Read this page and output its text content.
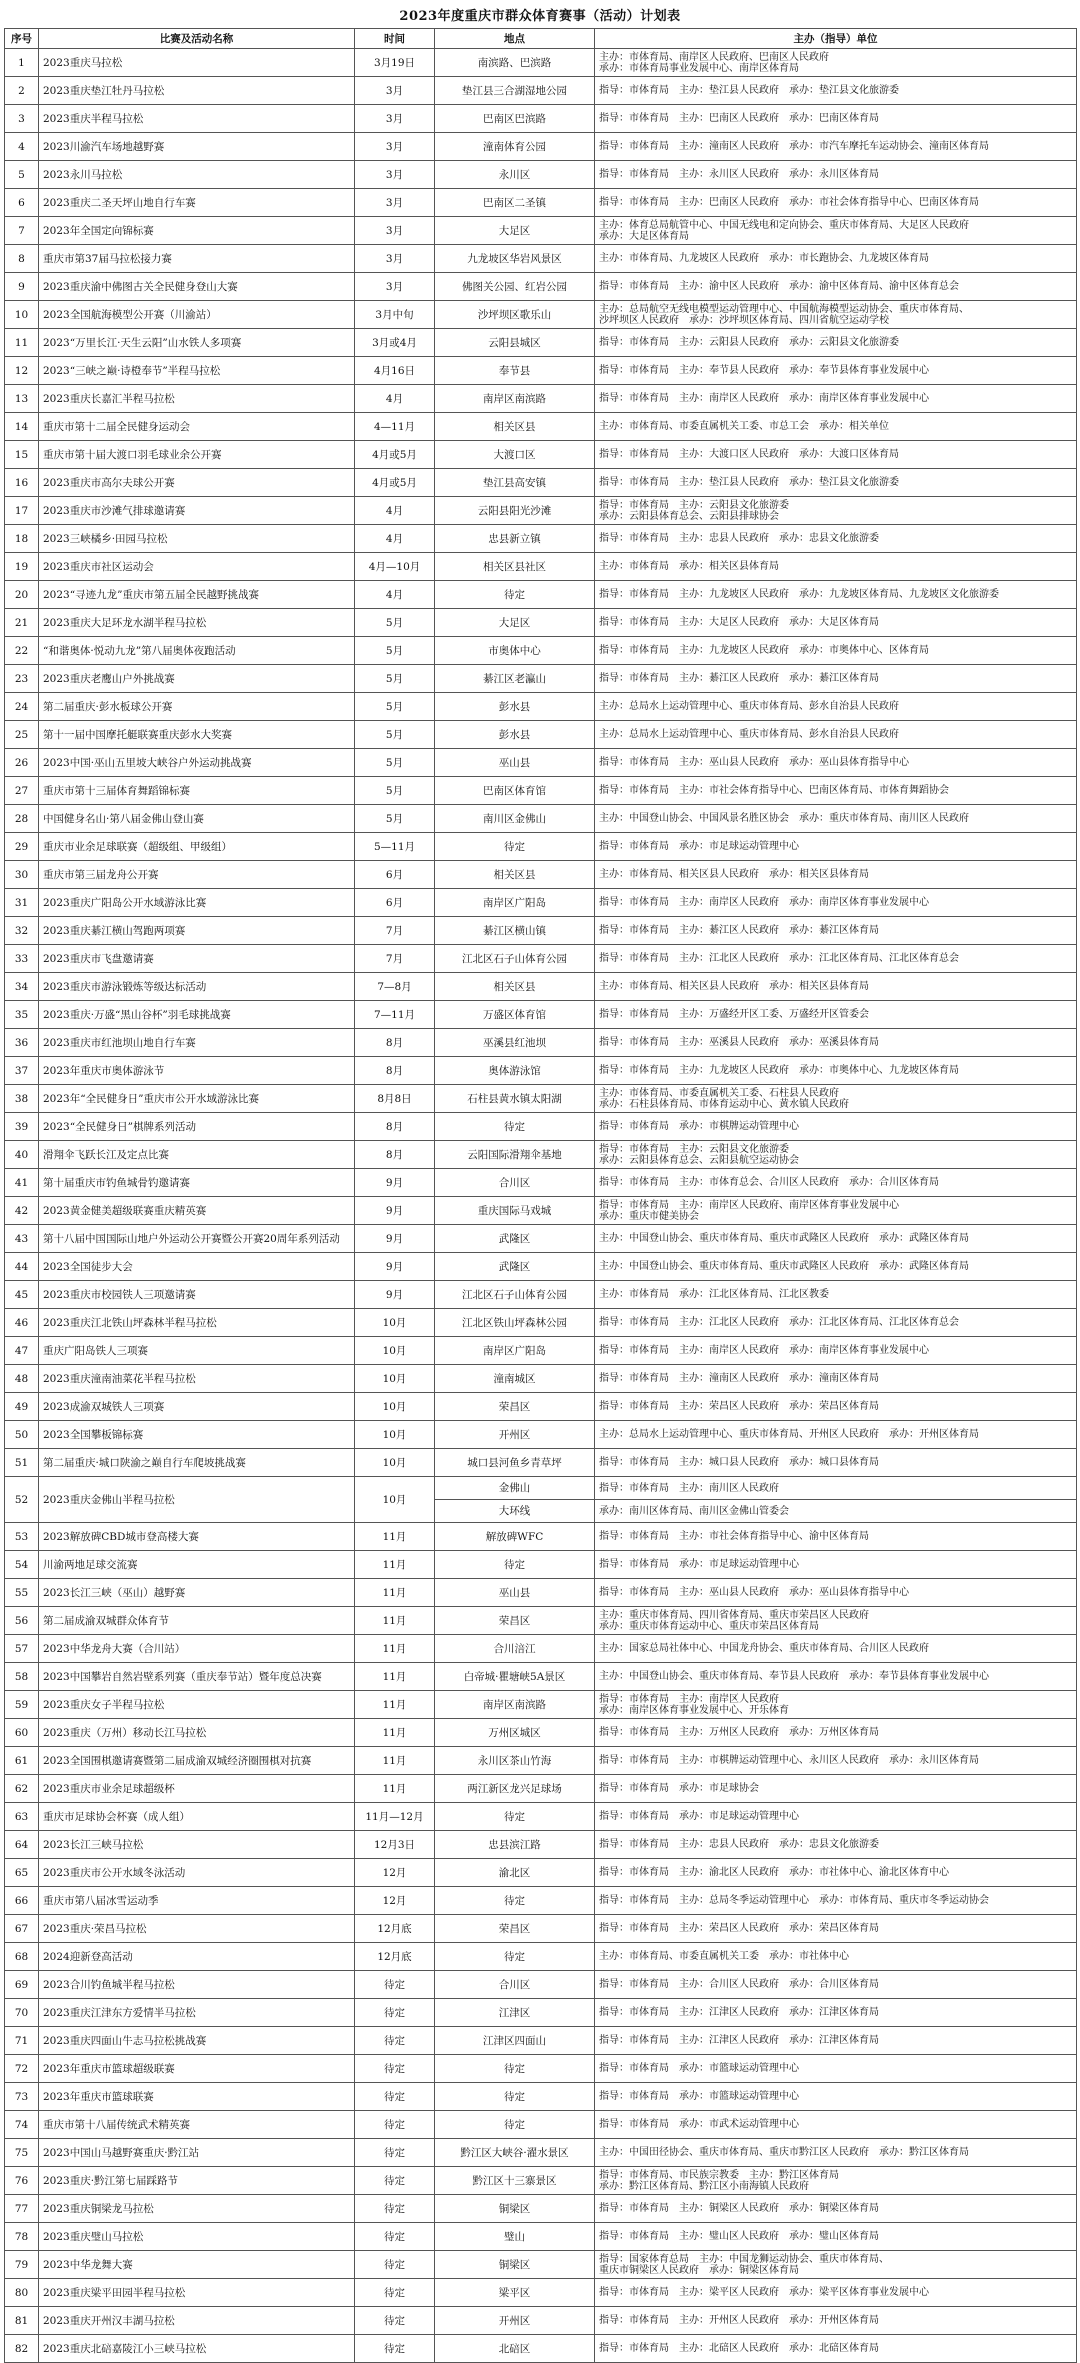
2023年度重庆市群众体育赛事（活动）计划表
序号	比赛及活动名称	时间	地点	主办（指导）单位
1	2023重庆马拉松	3月19日	南滨路、巴滨路	主办：市体育局、南岸区人民政府、巴南区人民政府
承办：市体育局事业发展中心、南岸区体育局
2	2023重庆垫江牡丹马拉松	3月	垫江县三合湖湿地公园	指导：市体育局　主办：垫江县人民政府　承办：垫江县文化旅游委
3	2023重庆半程马拉松	3月	巴南区巴滨路	指导：市体育局　主办：巴南区人民政府　承办：巴南区体育局
4	2023川渝汽车场地越野赛	3月	潼南体育公园	指导：市体育局　主办：潼南区人民政府　承办：市汽车摩托车运动协会、潼南区体育局
5	2023永川马拉松	3月	永川区	指导：市体育局　主办：永川区人民政府　承办：永川区体育局
6	2023重庆二圣天坪山地自行车赛	3月	巴南区二圣镇	指导：市体育局　主办：巴南区人民政府　承办：市社会体育指导中心、巴南区体育局
7	2023年全国定向锦标赛	3月	大足区	主办：体育总局航管中心、中国无线电和定向协会、重庆市体育局、大足区人民政府
承办：大足区体育局
8	重庆市第37届马拉松接力赛	3月	九龙坡区华岩风景区	主办：市体育局、九龙坡区人民政府　承办：市长跑协会、九龙坡区体育局
9	2023重庆渝中佛图古关全民健身登山大赛	3月	佛图关公园、红岩公园	指导：市体育局　主办：渝中区人民政府　承办：渝中区体育局、渝中区体育总会
10	2023全国航海模型公开赛（川渝站）	3月中旬	沙坪坝区歌乐山	主办：总局航空无线电模型运动管理中心、中国航海模型运动协会、重庆市体育局、
沙坪坝区人民政府　承办：沙坪坝区体育局、四川省航空运动学校
11	2023“万里长江·天生云阳”山水铁人多项赛	3月或4月	云阳县城区	指导：市体育局　主办：云阳县人民政府　承办：云阳县文化旅游委
12	2023“三峡之巅·诗橙奉节”半程马拉松	4月16日	奉节县	指导：市体育局　主办：奉节县人民政府　承办：奉节县体育事业发展中心
13	2023重庆长嘉汇半程马拉松	4月	南岸区南滨路	指导：市体育局　主办：南岸区人民政府　承办：南岸区体育事业发展中心
14	重庆市第十二届全民健身运动会	4—11月	相关区县	主办：市体育局、市委直属机关工委、市总工会　承办：相关单位
15	重庆市第十届大渡口羽毛球业余公开赛	4月或5月	大渡口区	指导：市体育局　主办：大渡口区人民政府　承办：大渡口区体育局
16	2023重庆市高尔夫球公开赛	4月或5月	垫江县高安镇	指导：市体育局　主办：垫江县人民政府　承办：垫江县文化旅游委
17	2023重庆市沙滩气排球邀请赛	4月	云阳县阳光沙滩	指导：市体育局　主办：云阳县文化旅游委
承办：云阳县体育总会、云阳县排球协会
18	2023三峡橘乡·田园马拉松	4月	忠县新立镇	指导：市体育局　主办：忠县人民政府　承办：忠县文化旅游委
19	2023重庆市社区运动会	4月—10月	相关区县社区	主办：市体育局　承办：相关区县体育局
20	2023“寻迹九龙”重庆市第五届全民越野挑战赛	4月	待定	指导：市体育局　主办：九龙坡区人民政府　承办：九龙坡区体育局、九龙坡区文化旅游委
21	2023重庆大足环龙水湖半程马拉松	5月	大足区	指导：市体育局　主办：大足区人民政府　承办：大足区体育局
22	“和谐奥体·悦动九龙”第八届奥体夜跑活动	5月	市奥体中心	指导：市体育局　主办：九龙坡区人民政府　承办：市奥体中心、区体育局
23	2023重庆老鹰山户外挑战赛	5月	綦江区老瀛山	指导：市体育局　主办：綦江区人民政府　承办：綦江区体育局
24	第二届重庆·彭水板球公开赛	5月	彭水县	主办：总局水上运动管理中心、重庆市体育局、彭水自治县人民政府
25	第十一届中国摩托艇联赛重庆彭水大奖赛	5月	彭水县	主办：总局水上运动管理中心、重庆市体育局、彭水自治县人民政府
26	2023中国·巫山五里坡大峡谷户外运动挑战赛	5月	巫山县	指导：市体育局　主办：巫山县人民政府　承办：巫山县体育指导中心
27	重庆市第十三届体育舞蹈锦标赛	5月	巴南区体育馆	指导：市体育局　主办：市社会体育指导中心、巴南区体育局、市体育舞蹈协会
28	中国健身名山·第八届金佛山登山赛	5月	南川区金佛山	主办：中国登山协会、中国风景名胜区协会　承办：重庆市体育局、南川区人民政府
29	重庆市业余足球联赛（超级组、甲级组）	5—11月	待定	指导：市体育局　承办：市足球运动管理中心
30	重庆市第三届龙舟公开赛	6月	相关区县	主办：市体育局、相关区县人民政府　承办：相关区县体育局
31	2023重庆广阳岛公开水域游泳比赛	6月	南岸区广阳岛	指导：市体育局　主办：南岸区人民政府　承办：南岸区体育事业发展中心
32	2023重庆綦江横山驾跑两项赛	7月	綦江区横山镇	指导：市体育局　主办：綦江区人民政府　承办：綦江区体育局
33	2023重庆市飞盘邀请赛	7月	江北区石子山体育公园	指导：市体育局　主办：江北区人民政府　承办：江北区体育局、江北区体育总会
34	2023重庆市游泳锻炼等级达标活动	7—8月	相关区县	主办：市体育局、相关区县人民政府　承办：相关区县体育局
35	2023重庆·万盛“黑山谷杯”羽毛球挑战赛	7—11月	万盛区体育馆	指导：市体育局　主办：万盛经开区工委、万盛经开区管委会
36	2023重庆市红池坝山地自行车赛	8月	巫溪县红池坝	指导：市体育局　主办：巫溪县人民政府　承办：巫溪县体育局
37	2023年重庆市奥体游泳节	8月	奥体游泳馆	指导：市体育局　主办：九龙坡区人民政府　承办：市奥体中心、九龙坡区体育局
38	2023年“全民健身日”重庆市公开水域游泳比赛	8月8日	石柱县黄水镇太阳湖	主办：市体育局、市委直属机关工委、石柱县人民政府
承办：石柱县体育局、市体育运动中心、黄水镇人民政府
39	2023“全民健身日”棋牌系列活动	8月	待定	指导：市体育局　承办：市棋牌运动管理中心
40	滑翔伞飞跃长江及定点比赛	8月	云阳国际滑翔伞基地	指导：市体育局　主办：云阳县文化旅游委
承办：云阳县体育总会、云阳县航空运动协会
41	第十届重庆市钓鱼城骨钓邀请赛	9月	合川区	指导：市体育局　主办：市体育总会、合川区人民政府　承办：合川区体育局
42	2023黄金健美超级联赛重庆精英赛	9月	重庆国际马戏城	指导：市体育局　主办：南岸区人民政府、南岸区体育事业发展中心
承办：重庆市健美协会
43	第十八届中国国际山地户外运动公开赛暨公开赛20周年系列活动	9月	武隆区	主办：中国登山协会、重庆市体育局、重庆市武隆区人民政府　承办：武隆区体育局
44	2023全国徒步大会	9月	武隆区	主办：中国登山协会、重庆市体育局、重庆市武隆区人民政府　承办：武隆区体育局
45	2023重庆市校园铁人三项邀请赛	9月	江北区石子山体育公园	主办：市体育局　承办：江北区体育局、江北区教委
46	2023重庆江北铁山坪森林半程马拉松	10月	江北区铁山坪森林公园	指导：市体育局　主办：江北区人民政府　承办：江北区体育局、江北区体育总会
47	重庆广阳岛铁人三项赛	10月	南岸区广阳岛	指导：市体育局　主办：南岸区人民政府　承办：南岸区体育事业发展中心
48	2023重庆潼南油菜花半程马拉松	10月	潼南城区	指导：市体育局　主办：潼南区人民政府　承办：潼南区体育局
49	2023成渝双城铁人三项赛	10月	荣昌区	指导：市体育局　主办：荣昌区人民政府　承办：荣昌区体育局
50	2023全国攀板锦标赛	10月	开州区	主办：总局水上运动管理中心、重庆市体育局、开州区人民政府　承办：开州区体育局
51	第二届重庆·城口陕渝之巅自行车爬坡挑战赛	10月	城口县河鱼乡青草坪	指导：市体育局　主办：城口县人民政府　承办：城口县体育局
52	2023重庆金佛山半程马拉松	10月	金佛山	指导：市体育局　主办：南川区人民政府
			大环线	承办：南川区体育局、南川区金佛山管委会
53	2023解放碑CBD城市登高楼大赛	11月	解放碑WFC	指导：市体育局　主办：市社会体育指导中心、渝中区体育局
54	川渝两地足球交流赛	11月	待定	指导：市体育局　承办：市足球运动管理中心
55	2023长江三峡（巫山）越野赛	11月	巫山县	指导：市体育局　主办：巫山县人民政府　承办：巫山县体育指导中心
56	第二届成渝双城群众体育节	11月	荣昌区	主办：重庆市体育局、四川省体育局、重庆市荣昌区人民政府
承办：重庆市体育运动中心、重庆市荣昌区体育局
57	2023中华龙舟大赛（合川站）	11月	合川涪江	主办：国家总局社体中心、中国龙舟协会、重庆市体育局、合川区人民政府
58	2023中国攀岩自然岩壁系列赛（重庆奉节站）暨年度总决赛	11月	白帝城·瞿塘峡5A景区	主办：中国登山协会、重庆市体育局、奉节县人民政府　承办：奉节县体育事业发展中心
59	2023重庆女子半程马拉松	11月	南岸区南滨路	指导：市体育局　主办：南岸区人民政府
承办：南岸区体育事业发展中心、开乐体育
60	2023重庆（万州）移动长江马拉松	11月	万州区城区	指导：市体育局　主办：万州区人民政府　承办：万州区体育局
61	2023全国围棋邀请赛暨第二届成渝双城经济圈围棋对抗赛	11月	永川区茶山竹海	指导：市体育局　主办：市棋牌运动管理中心、永川区人民政府　承办：永川区体育局
62	2023重庆市业余足球超级杯	11月	两江新区龙兴足球场	指导：市体育局　承办：市足球协会
63	重庆市足球协会杯赛（成人组）	11月—12月	待定	指导：市体育局　承办：市足球运动管理中心
64	2023长江三峡马拉松	12月3日	忠县滨江路	指导：市体育局　主办：忠县人民政府　承办：忠县文化旅游委
65	2023重庆市公开水域冬泳活动	12月	渝北区	指导：市体育局　主办：渝北区人民政府　承办：市社体中心、渝北区体育中心
66	重庆市第八届冰雪运动季	12月	待定	指导：市体育局　主办：总局冬季运动管理中心　承办：市体育局、重庆市冬季运动协会
67	2023重庆·荣昌马拉松	12月底	荣昌区	指导：市体育局　主办：荣昌区人民政府　承办：荣昌区体育局
68	2024迎新登高活动	12月底	待定	主办：市体育局、市委直属机关工委　承办：市社体中心
69	2023合川钓鱼城半程马拉松	待定	合川区	指导：市体育局　主办：合川区人民政府　承办：合川区体育局
70	2023重庆江津东方爱情半马拉松	待定	江津区	指导：市体育局　主办：江津区人民政府　承办：江津区体育局
71	2023重庆四面山牛志马拉松挑战赛	待定	江津区四面山	指导：市体育局　主办：江津区人民政府　承办：江津区体育局
72	2023年重庆市篮球超级联赛	待定	待定	指导：市体育局　承办：市篮球运动管理中心
73	2023年重庆市篮球联赛	待定	待定	指导：市体育局　承办：市篮球运动管理中心
74	重庆市第十八届传统武术精英赛	待定	待定	指导：市体育局　承办：市武术运动管理中心
75	2023中国山马越野赛重庆·黔江站	待定	黔江区大峡谷·濯水景区	主办：中国田径协会、重庆市体育局、重庆市黔江区人民政府　承办：黔江区体育局
76	2023重庆·黔江第七届踩路节	待定	黔江区十三寨景区	指导：市体育局、市民族宗教委　主办：黔江区体育局
承办：黔江区体育局、黔江区小南海镇人民政府
77	2023重庆铜梁龙马拉松	待定	铜梁区	指导：市体育局　主办：铜梁区人民政府　承办：铜梁区体育局
78	2023重庆璧山马拉松	待定	璧山	指导：市体育局　主办：璧山区人民政府　承办：璧山区体育局
79	2023中华龙舞大赛	待定	铜梁区	指导：国家体育总局　主办：中国龙狮运动协会、重庆市体育局、
重庆市铜梁区人民政府　承办：铜梁区体育局
80	2023重庆梁平田园半程马拉松	待定	梁平区	指导：市体育局　主办：梁平区人民政府　承办：梁平区体育事业发展中心
81	2023重庆开州汉丰湖马拉松	待定	开州区	指导：市体育局　主办：开州区人民政府　承办：开州区体育局
82	2023重庆北碚嘉陵江小三峡马拉松	待定	北碚区	指导：市体育局　主办：北碚区人民政府　承办：北碚区体育局
